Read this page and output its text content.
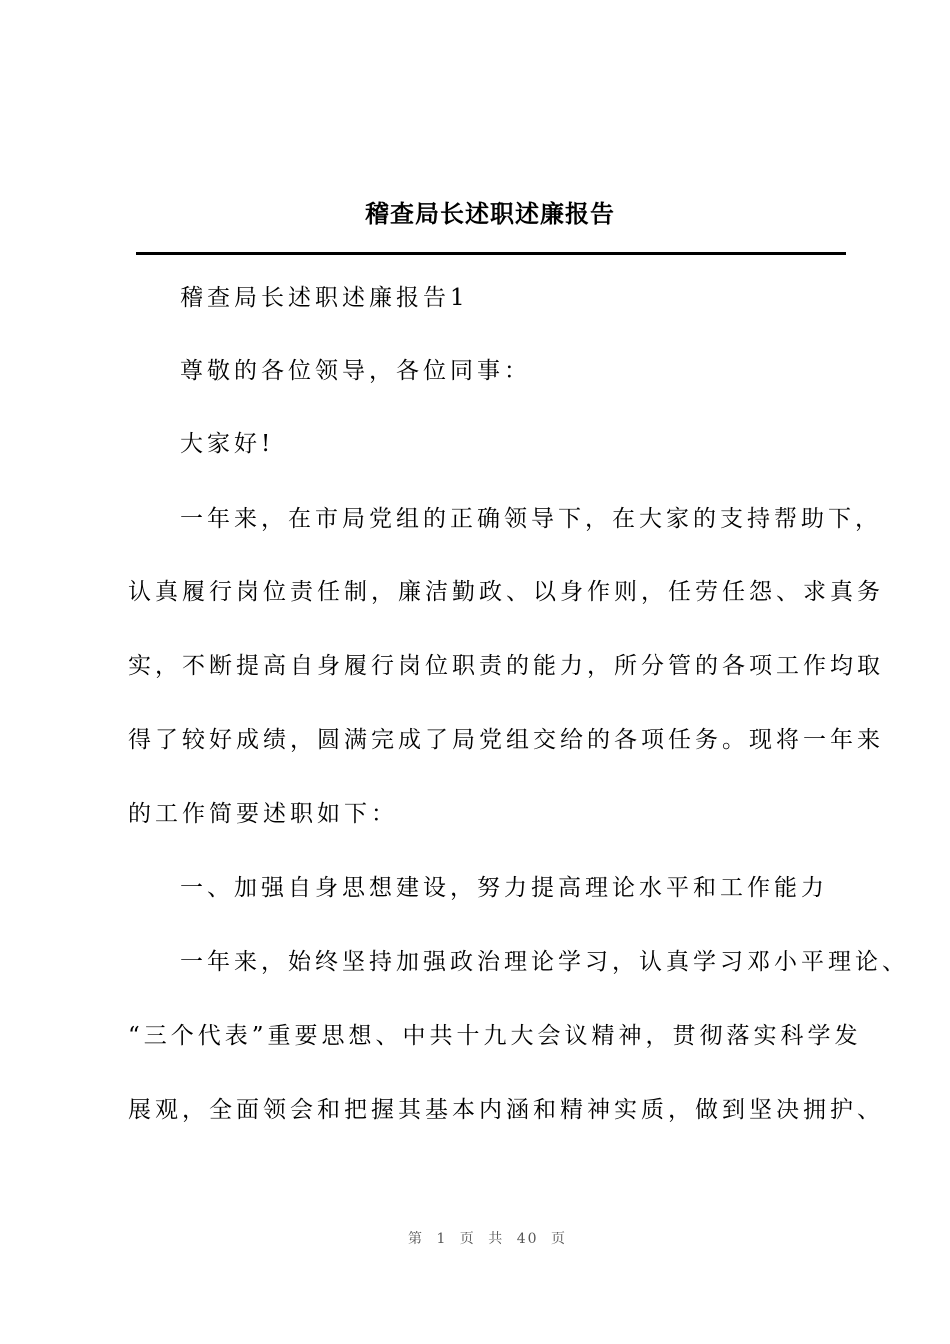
稽查局长述职述廉报告
稽查局长述职述廉报告1
尊敬的各位领导，各位同事：
大家好!
一年来，在市局党组的正确领导下，在大家的支持帮助下，
认真履行岗位责任制，廉洁勤政、以身作则，任劳任怨、求真务
实，不断提高自身履行岗位职责的能力，所分管的各项工作均取
得了较好成绩，圆满完成了局党组交给的各项任务。现将一年来
的工作简要述职如下：
一、加强自身思想建设，努力提高理论水平和工作能力
一年来，始终坚持加强政治理论学习，认真学习邓小平理论、
“三个代表”重要思想、中共十九大会议精神，贯彻落实科学发
展观，全面领会和把握其基本内涵和精神实质，做到坚决拥护、
第 1 页 共 40 页
